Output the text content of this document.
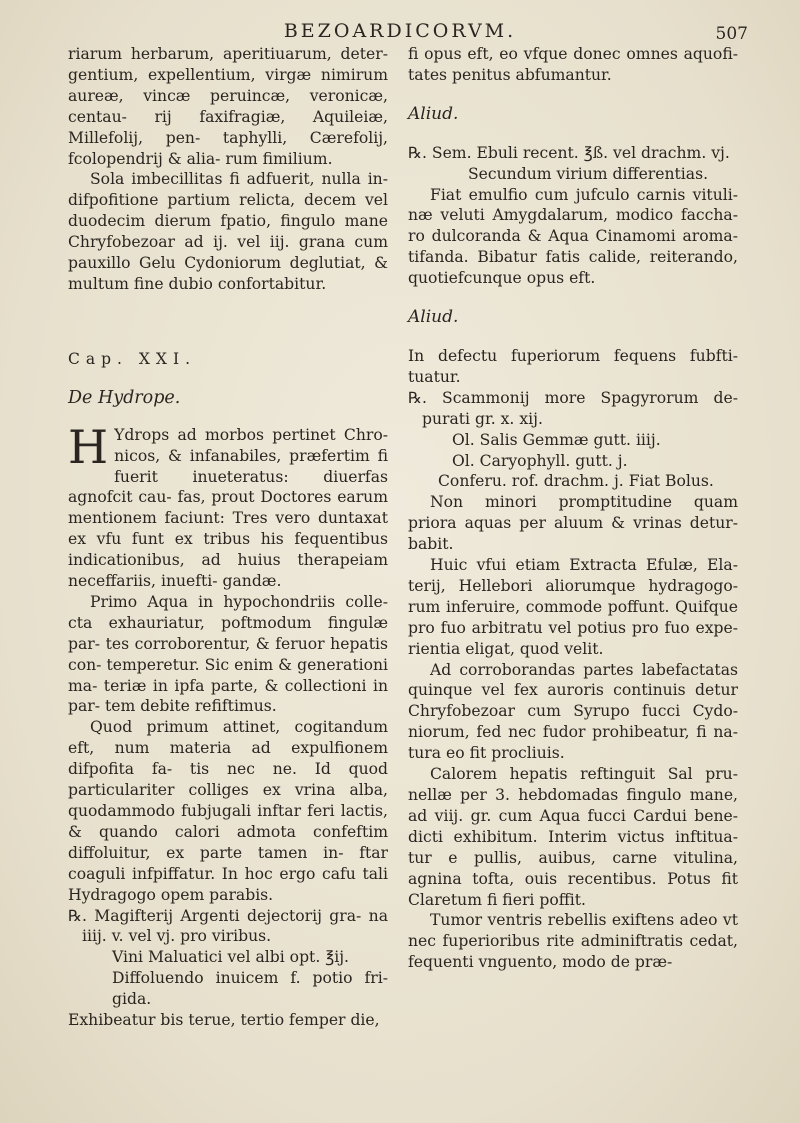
BEZOARDICORVM.	507

riarum herbarum, aperitiuarum, deter- gentium, expellentium, virgæ nimirum aureæ, vincæ peruincæ, veronicæ, centau- rij faxifragiæ, Aquileiæ, Millefolij, pen- taphylli, Cærefolij, fcolopendrij & alia- rum fimilium.

Sola imbecillitas fi adfuerit, nulla in- difpofitione partium relicta, decem vel duodecim dierum fpatio, fingulo mane Chryfobezoar ad ij. vel iij. grana cum pauxillo Gelu Cydoniorum deglutiat, & multum fine dubio confortabitur.

Cap. XXI.

De Hydrope.

H Ydrops ad morbos pertinet Chro- nicos, & infanabiles, præfertim fi fuerit inueteratus: diuerfas agnofcit cau- fas, prout Doctores earum mentionem faciunt: Tres vero duntaxat ex vfu funt ex tribus his fequentibus indicationibus, ad huius therapeiam neceffariis, inuefti- gandæ.

Primo Aqua in hypochondriis colle- cta exhauriatur, poftmodum fingulæ par- tes corroborentur, & feruor hepatis con- temperetur. Sic enim & generationi ma- teriæ in ipfa parte, & collectioni in par- tem debite refiftimus.

Quod primum attinet, cogitandum eft, num materia ad expulfionem difpofita fa- tis nec ne. Id quod particulariter colliges ex vrina alba, quodammodo fubjugali inftar feri lactis, & quando calori admota confeftim diffoluitur, ex parte tamen in- ftar coaguli infpiffatur. In hoc ergo cafu tali Hydragogo opem parabis.

℞. Magifterij Argenti dejectorij gra- na iiij. v. vel vj. pro viribus.

Vini Maluatici vel albi opt. ℥ij.

Diffoluendo inuicem f. potio fri- gida.

Exhibeatur bis terue, tertio femper die,

fi opus eft, eo vfque donec omnes aquofi- tates penitus abfumantur.

Aliud.

℞. Sem. Ebuli recent. ℥ß. vel drachm. vj.

Secundum virium differentias.

Fiat emulfio cum jufculo carnis vituli- næ veluti Amygdalarum, modico faccha- ro dulcoranda & Aqua Cinamomi aroma- tifanda. Bibatur fatis calide, reiterando, quotiefcunque opus eft.

Aliud.

In defectu fuperiorum fequens fubfti- tuatur.

℞. Scammonij more Spagyrorum de- purati gr. x. xij.

Ol. Salis Gemmæ gutt. iiij.

Ol. Caryophyll. gutt. j.

Conferu. rof. drachm. j. Fiat Bolus.

Non minori promptitudine quam priora aquas per aluum & vrinas detur- babit.

Huic vfui etiam Extracta Efulæ, Ela- terij, Hellebori aliorumque hydragogo- rum inferuire, commode poffunt. Quifque pro fuo arbitratu vel potius pro fuo expe- rientia eligat, quod velit.

Ad corroborandas partes labefactatas quinque vel fex auroris continuis detur Chryfobezoar cum Syrupo fucci Cydo- niorum, fed nec fudor prohibeatur, fi na- tura eo fit procliuis.

Calorem hepatis reftinguit Sal pru- nellæ per 3. hebdomadas fingulo mane, ad viij. gr. cum Aqua fucci Cardui bene- dicti exhibitum. Interim victus inftitua- tur e pullis, auibus, carne vitulina, agnina tofta, ouis recentibus. Potus fit Claretum fi fieri poffit.

Tumor ventris rebellis exiftens adeo vt nec fuperioribus rite adminiftratis cedat, fequenti vnguento, modo de præ-
